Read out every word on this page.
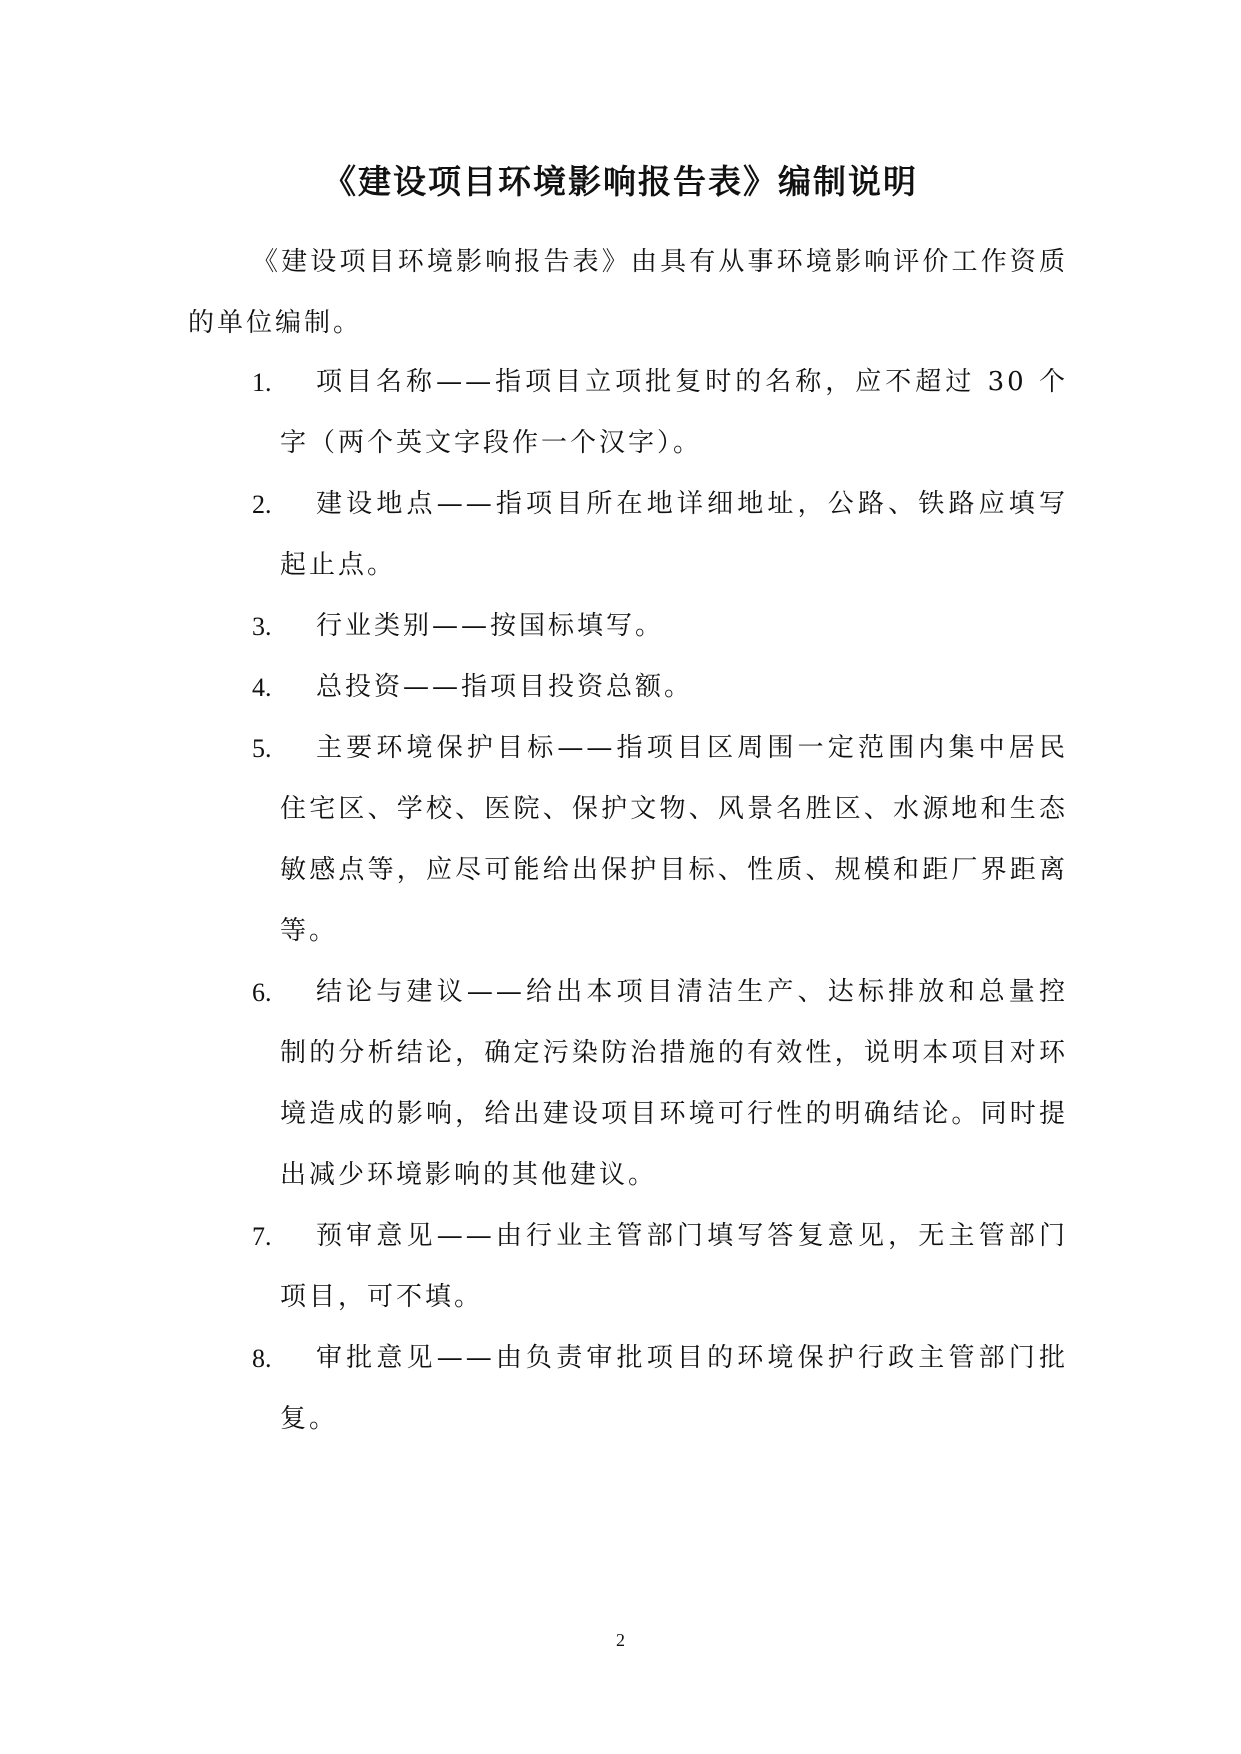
《建设项目环境影响报告表》编制说明

《建设项目环境影响报告表》由具有从事环境影响评价工作资质的单位编制。

1.	项目名称——指项目立项批复时的名称，应不超过 30 个字（两个英文字段作一个汉字）。
2.	建设地点——指项目所在地详细地址，公路、铁路应填写起止点。
3.	行业类别——按国标填写。
4.	总投资——指项目投资总额。
5.	主要环境保护目标——指项目区周围一定范围内集中居民住宅区、学校、医院、保护文物、风景名胜区、水源地和生态敏感点等，应尽可能给出保护目标、性质、规模和距厂界距离等。
6.	结论与建议——给出本项目清洁生产、达标排放和总量控制的分析结论，确定污染防治措施的有效性，说明本项目对环境造成的影响，给出建设项目环境可行性的明确结论。同时提出减少环境影响的其他建议。
7.	预审意见——由行业主管部门填写答复意见，无主管部门项目，可不填。
8.	审批意见——由负责审批项目的环境保护行政主管部门批复。
2
